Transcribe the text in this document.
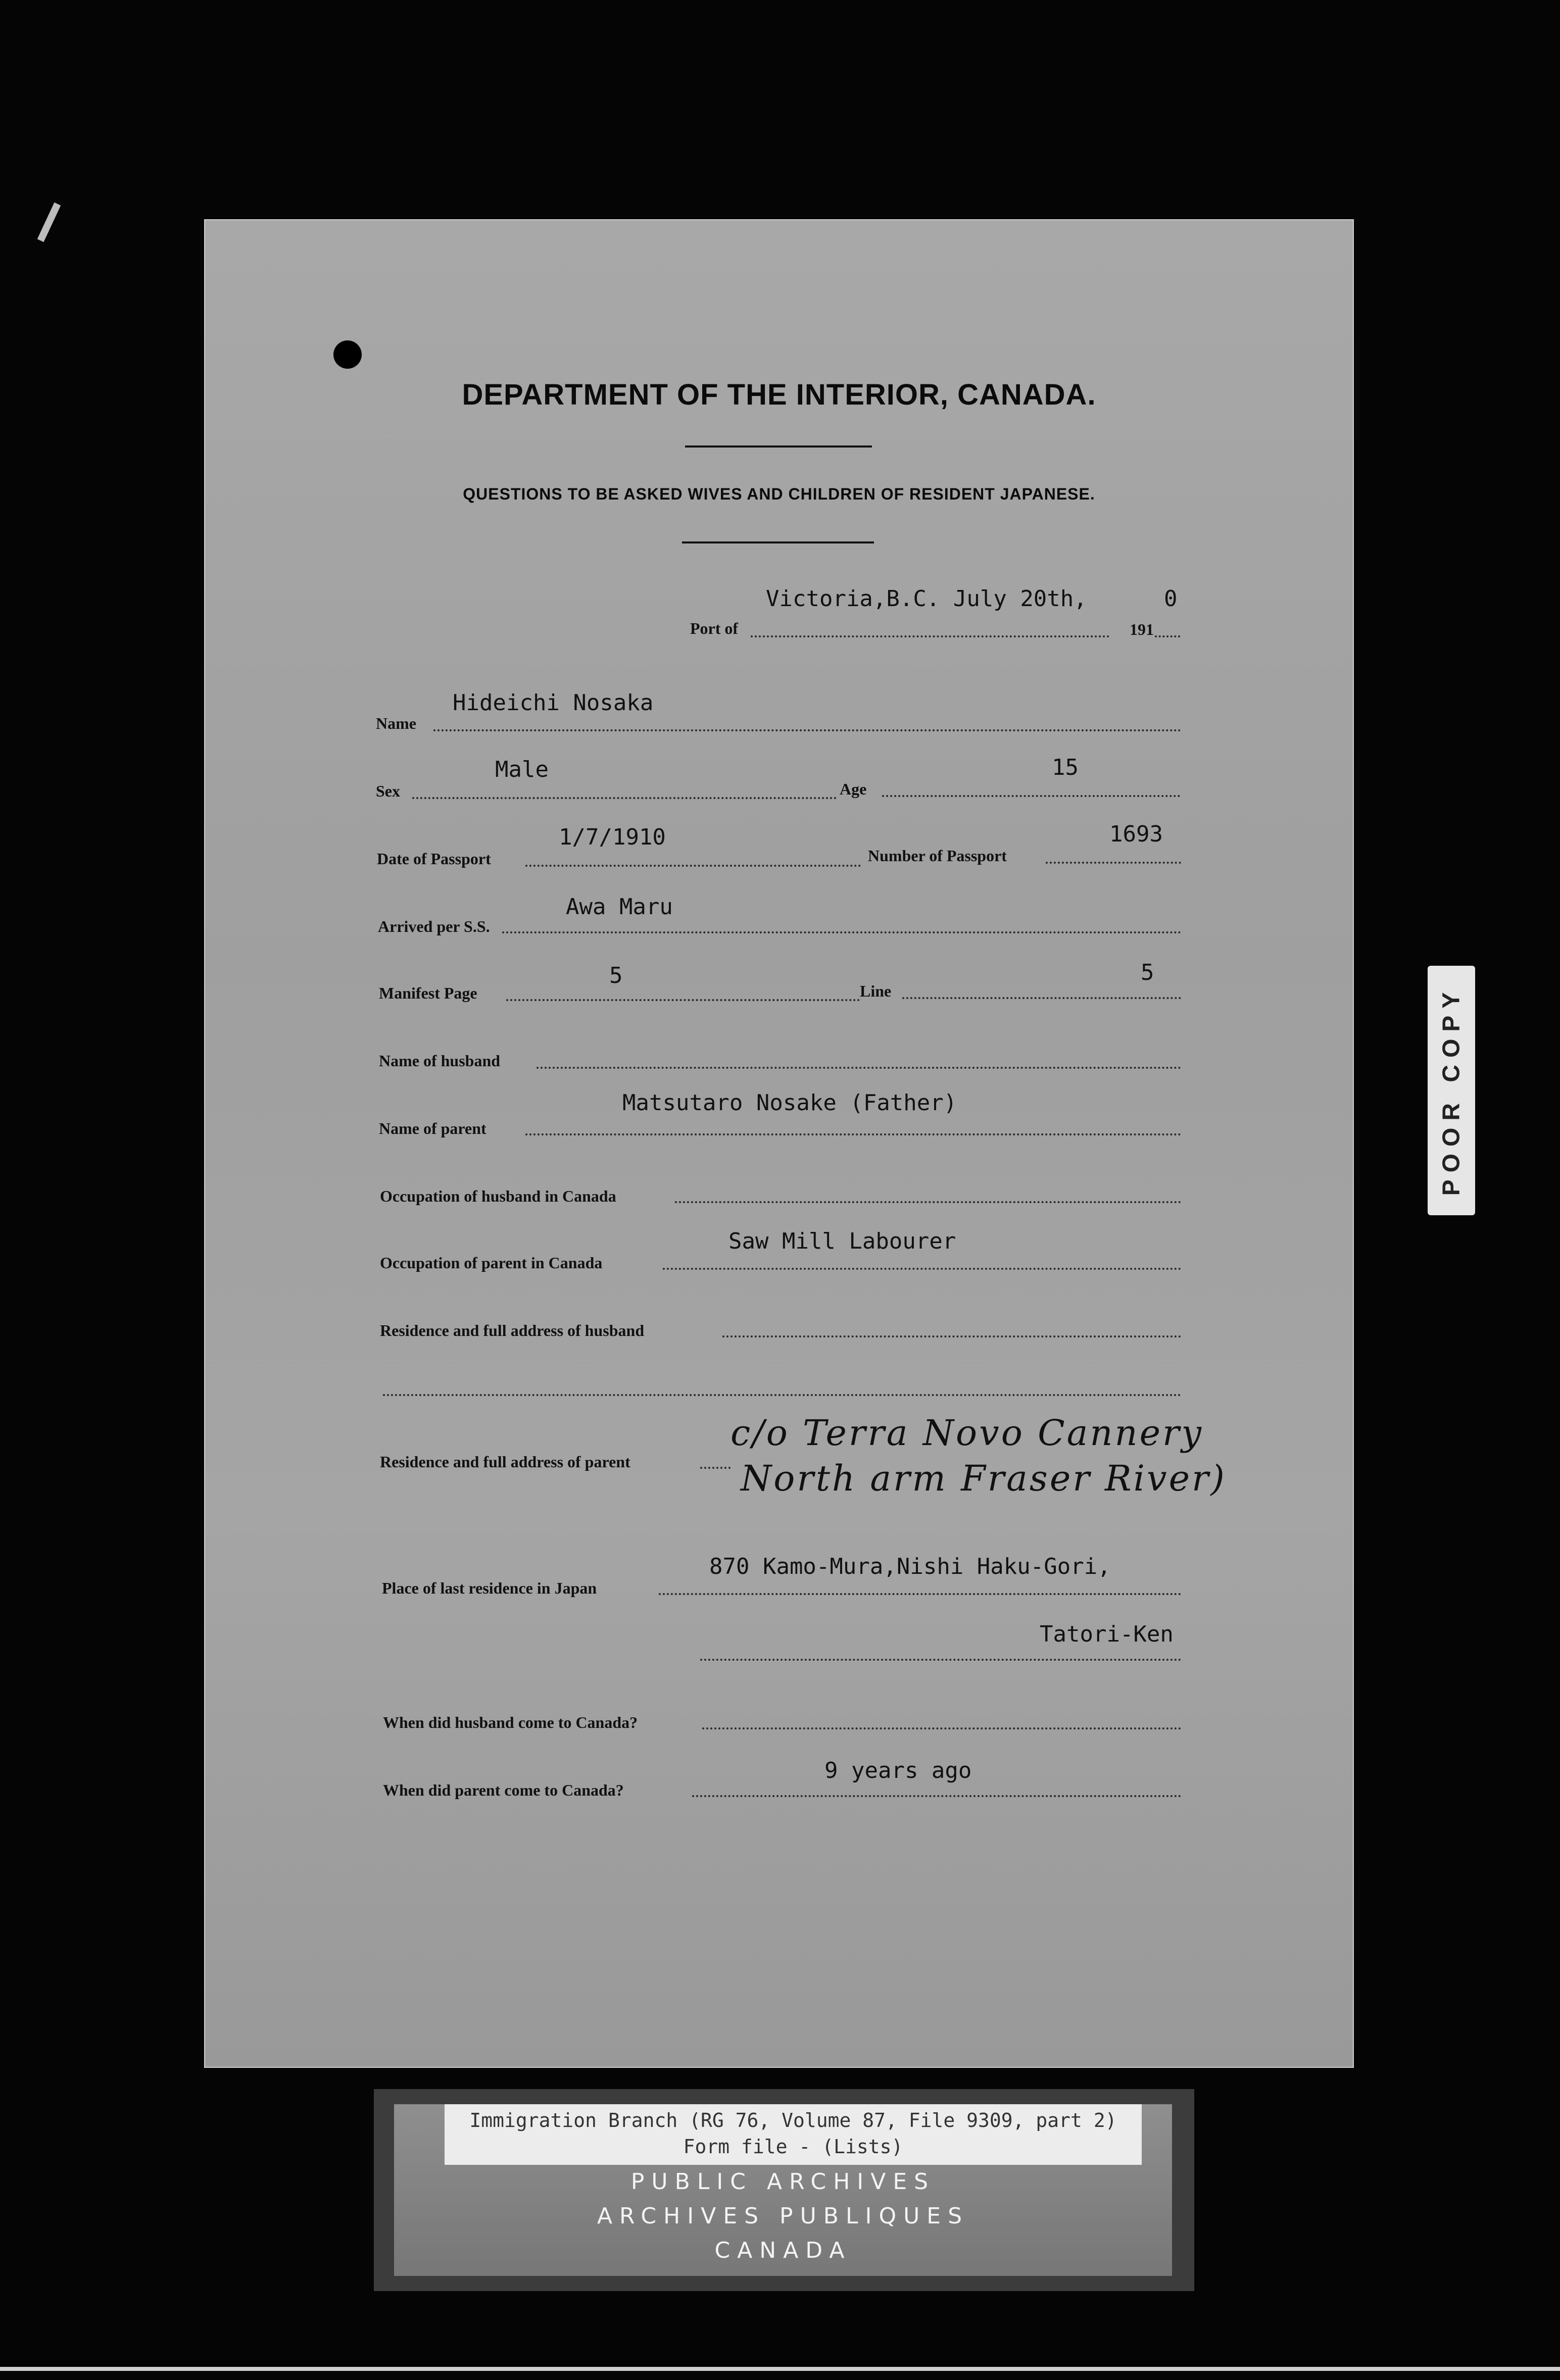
DEPARTMENT OF THE INTERIOR, CANADA.
QUESTIONS TO BE ASKED WIVES AND CHILDREN OF RESIDENT JAPANESE.
Port of
Victoria,B.C. July 20th,
191
0
Name
Hideichi Nosaka
Sex
Male
Age
15
Date of Passport
1/7/1910
Number of Passport
1693
Arrived per S.S.
Awa Maru
Manifest Page
5
Line
5
Name of husband
Name of parent
Matsutaro Nosake (Father)
Occupation of husband in Canada
Occupation of parent in Canada
Saw Mill Labourer
Residence and full address of husband
Residence and full address of parent
c/o Terra Novo Cannery
North arm Fraser River)
Place of last residence in Japan
870 Kamo-Mura,Nishi Haku-Gori,
Tatori-Ken
When did husband come to Canada?
When did parent come to Canada?
9 years ago
POOR COPY
Immigration Branch (RG 76, Volume 87, File 9309, part 2)
Form file - (Lists)
PUBLIC ARCHIVES
ARCHIVES PUBLIQUES
CANADA
